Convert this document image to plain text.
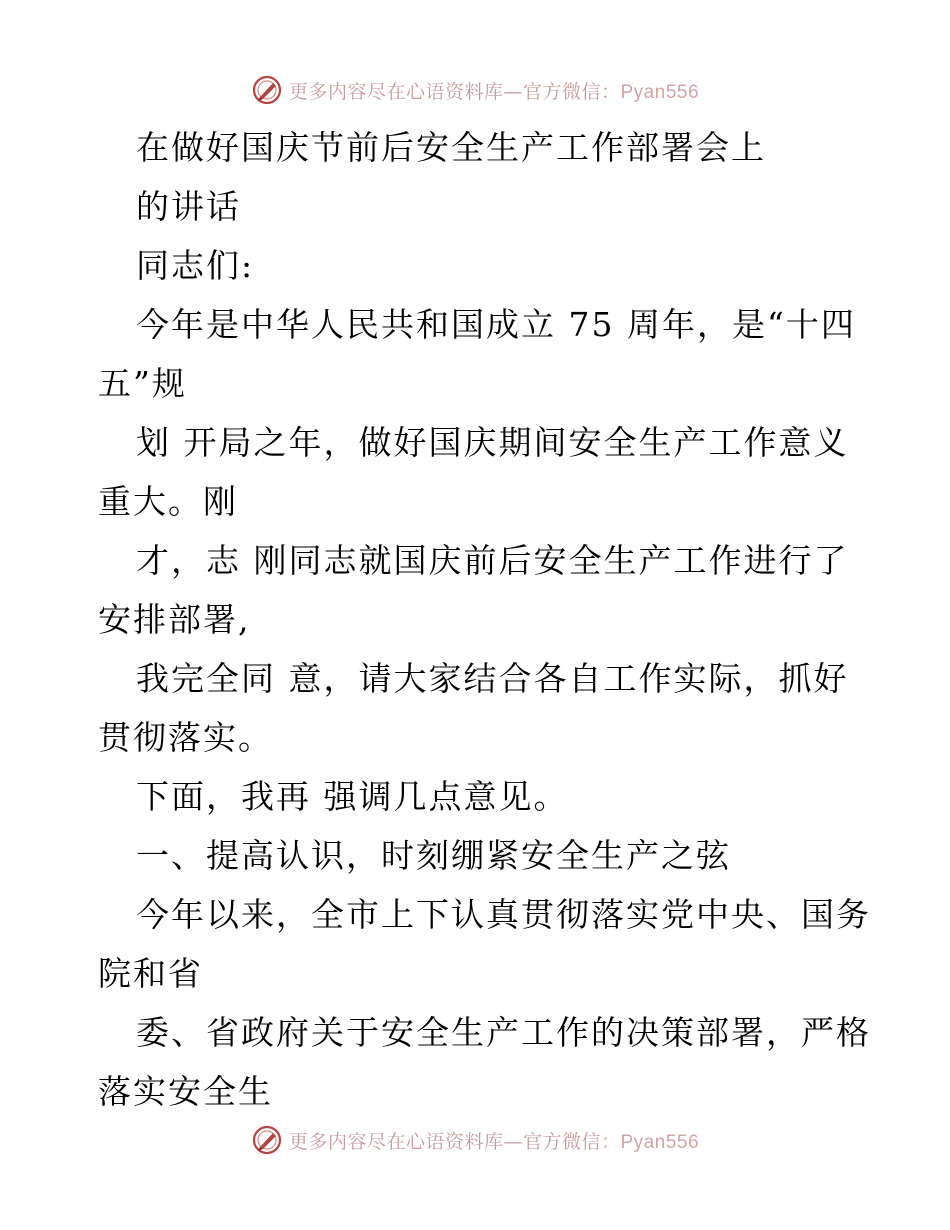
更多内容尽在心语资料库—官方微信：Pyan556
在做好国庆节前后安全生产工作部署会上
的讲话
同志们:
今年是中华人民共和国成立 75 周年，是“十四
五”规
划 开局之年，做好国庆期间安全生产工作意义
重大。刚
才，志 刚同志就国庆前后安全生产工作进行了
安排部署,
我完全同 意，请大家结合各自工作实际，抓好
贯彻落实。
下面，我再 强调几点意见。
一、提高认识，时刻绷紧安全生产之弦
今年以来，全市上下认真贯彻落实党中央、国务
院和省
委、省政府关于安全生产工作的决策部署，严格
落实安全生
更多内容尽在心语资料库—官方微信：Pyan556
